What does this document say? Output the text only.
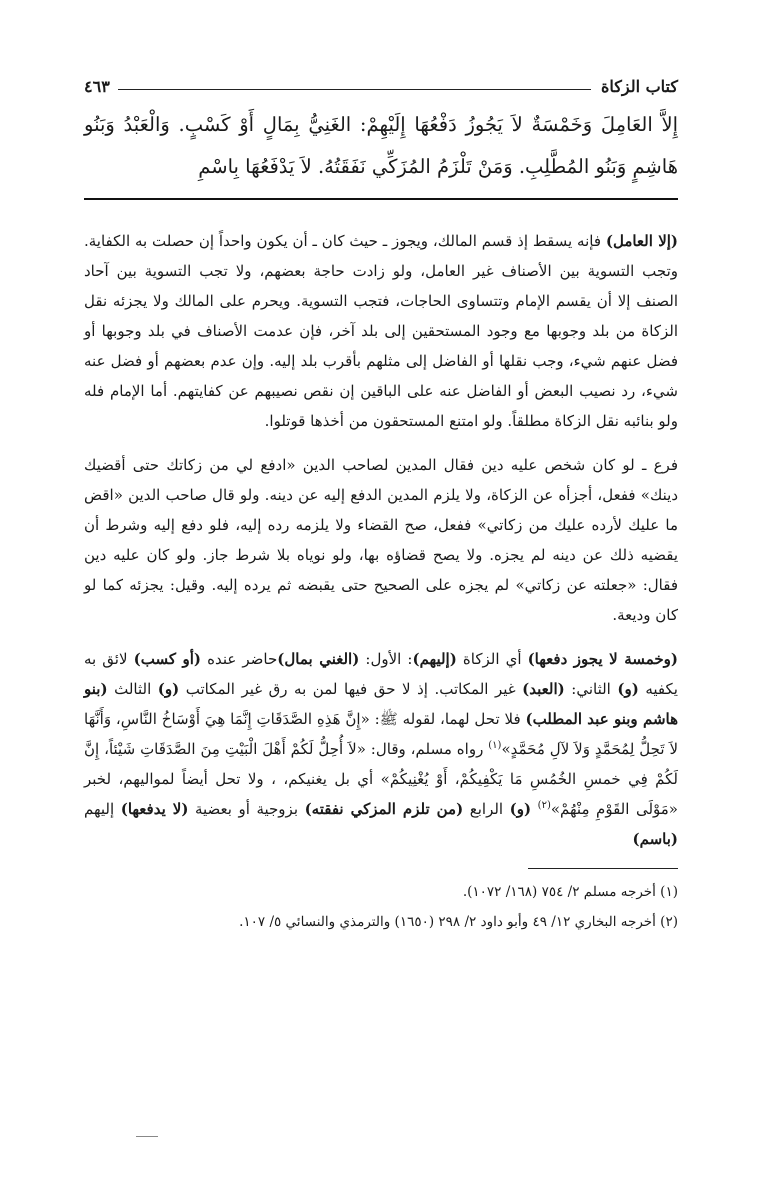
كتاب الزكاة
٤٦٣
إِلاَّ العَامِلَ وَخَمْسَةٌ لاَ يَجُوزُ دَفْعُهَا إِلَيْهِمْ: الغَنِيُّ بِمَالٍ أَوْ كَسْبٍ. وَالْعَبْدُ وَبَنُو هَاشِمٍ وَبَنُو المُطَّلِبِ. وَمَنْ تَلْزَمُ المُزَكِّي نَفَقَتُهُ. لاَ يَدْفَعُهَا بِاسْمِ

(إلا العامل) فإنه يسقط إذ قسم المالك، ويجوز ـ حيث كان ـ أن يكون واحداً إن حصلت به الكفاية. وتجب التسوية بين الأصناف غير العامل، ولو زادت حاجة بعضهم، ولا تجب التسوية بين آحاد الصنف إلا أن يقسم الإمام وتتساوى الحاجات، فتجب التسوية. ويحرم على المالك ولا يجزئه نقل الزكاة من بلد وجوبها مع وجود المستحقين إلى بلد آخر، فإن عدمت الأصناف في بلد وجوبها أو فضل عنهم شيء، وجب نقلها أو الفاضل إلى مثلهم بأقرب بلد إليه. وإن عدم بعضهم أو فضل عنه شيء، رد نصيب البعض أو الفاضل عنه على الباقين إن نقص نصيبهم عن كفايتهم. أما الإمام فله ولو بنائبه نقل الزكاة مطلقاً. ولو امتنع المستحقون من أخذها قوتلوا.

فرع ـ لو كان شخص عليه دين فقال المدين لصاحب الدين «ادفع لي من زكاتك حتى أقضيك دينك» ففعل، أجزأه عن الزكاة، ولا يلزم المدين الدفع إليه عن دينه. ولو قال صاحب الدين «اقض ما عليك لأرده عليك من زكاتي» ففعل، صح القضاء ولا يلزمه رده إليه، فلو دفع إليه وشرط أن يقضيه ذلك عن دينه لم يجزه. ولا يصح قضاؤه بها، ولو نوياه بلا شرط جاز. ولو كان عليه دين فقال: «جعلته عن زكاتي» لم يجزه على الصحيح حتى يقبضه ثم يرده إليه. وقيل: يجزئه كما لو كان وديعة.

(وخمسة لا يجوز دفعها) أي الزكاة (إليهم): الأول: (الغني بمال)حاضر عنده (أو كسب) لائق به يكفيه (و) الثاني: (العبد) غير المكاتب. إذ لا حق فيها لمن به رق غير المكاتب (و) الثالث (بنو هاشم وبنو عبد المطلب) فلا تحل لهما، لقوله ﷺ: «إِنَّ هَذِهِ الصَّدَقَاتِ إِنَّمَا هِيَ أَوْسَاخُ النَّاسِ، وَأَنَّهَا لاَ تَحِلُّ لِمُحَمَّدٍ وَلاَ لآلِ مُحَمَّدٍ»$^{(١)}$ رواه مسلم، وقال: «لاَ أُحِلُّ لَكُمْ أَهْلَ الْبَيْتِ مِنَ الصَّدَقَاتِ شَيْئاً، إِنَّ لَكُمْ فِي خمسِ الخُمُسِ مَا يَكْفِيكُمْ، أَوْ يُغْنِيكُمْ» أي بل يغنيكم، ، ولا تحل أيضاً لمواليهم، لخبر «مَوْلَى القَوْمِ مِنْهُمْ»$^{(٢)}$ (و) الرابع (من تلزم المزكي نفقته) بزوجية أو بعضية (لا يدفعها) إليهم (باسم)

(١) أخرجه مسلم ٢/ ٧٥٤ (١٦٨/ ١٠٧٢).
(٢) أخرجه البخاري ١٢/ ٤٩ وأبو داود ٢/ ٢٩٨ (١٦٥٠) والترمذي والنسائي ٥/ ١٠٧.
